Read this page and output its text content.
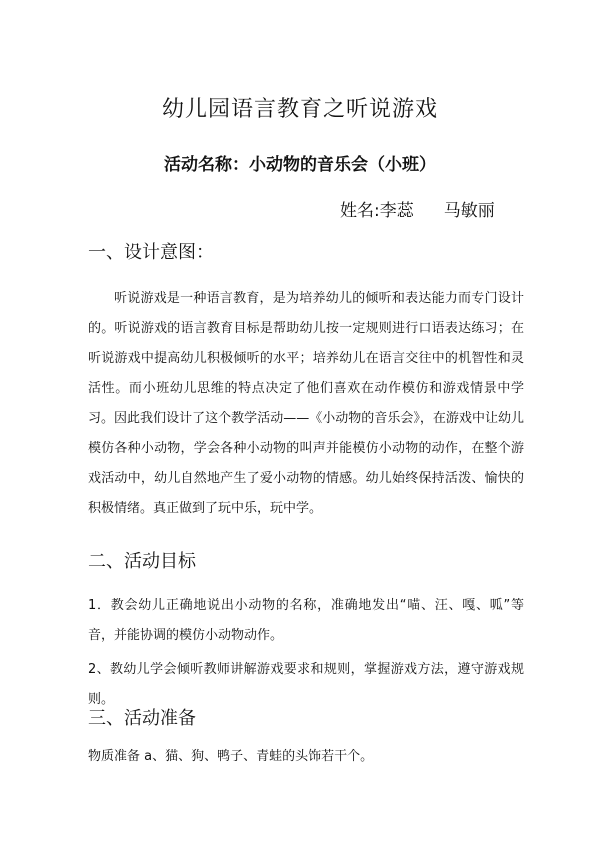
幼儿园语言教育之听说游戏
活动名称：小动物的音乐会（小班）
姓名:李蕊 马敏丽
一、设计意图：
听说游戏是一种语言教育，是为培养幼儿的倾听和表达能力而专门设计的。听说游戏的语言教育目标是帮助幼儿按一定规则进行口语表达练习；在听说游戏中提高幼儿积极倾听的水平；培养幼儿在语言交往中的机智性和灵活性。而小班幼儿思维的特点决定了他们喜欢在动作模仿和游戏情景中学习。因此我们设计了这个教学活动——《小动物的音乐会》，在游戏中让幼儿模仿各种小动物，学会各种小动物的叫声并能模仿小动物的动作，在整个游戏活动中，幼儿自然地产生了爱小动物的情感。幼儿始终保持活泼、愉快的积极情绪。真正做到了玩中乐，玩中学。
二、活动目标
1．教会幼儿正确地说出小动物的名称，准确地发出“喵、汪、嘎、呱”等音，并能协调的模仿小动物动作。
2、教幼儿学会倾听教师讲解游戏要求和规则，掌握游戏方法，遵守游戏规则。
三、活动准备
物质准备 a、猫、狗、鸭子、青蛙的头饰若干个。
